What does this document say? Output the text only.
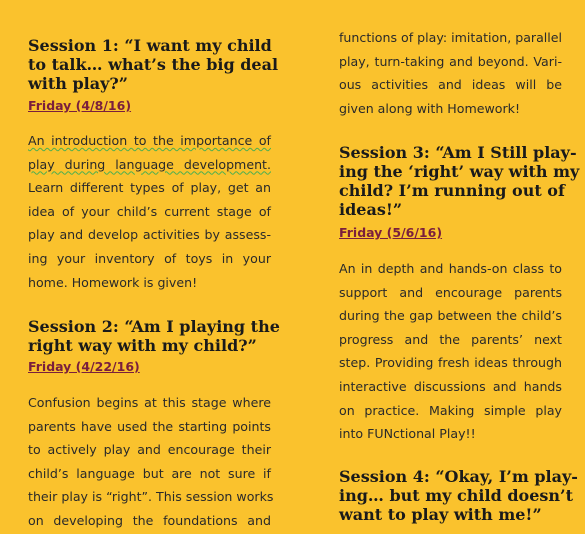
Session 1: “I want my child
to talk… what’s the big deal
with play?”
Friday (4/8/16)

An introduction to the importance of
play during language development.
Learn different types of play, get an
idea of your child’s current stage of
play and develop activities by assess-
ing your inventory of toys in your
home. Homework is given!

Session 2: “Am I playing the
right way with my child?”
Friday (4/22/16)

Confusion begins at this stage where
parents have used the starting points
to actively play and encourage their
child’s language but are not sure if
their play is “right”. This session works
on developing the foundations and

functions of play: imitation, parallel
play, turn-taking and beyond. Vari-
ous activities and ideas will be
given along with Homework!

Session 3: “Am I Still play-
ing the ‘right’ way with my
child? I’m running out of
ideas!”
Friday (5/6/16)

An in depth and hands-on class to
support and encourage parents
during the gap between the child’s
progress and the parents’ next
step. Providing fresh ideas through
interactive discussions and hands
on practice. Making simple play
into FUNctional Play!!

Session 4: “Okay, I’m play-
ing… but my child doesn’t
want to play with me!”
